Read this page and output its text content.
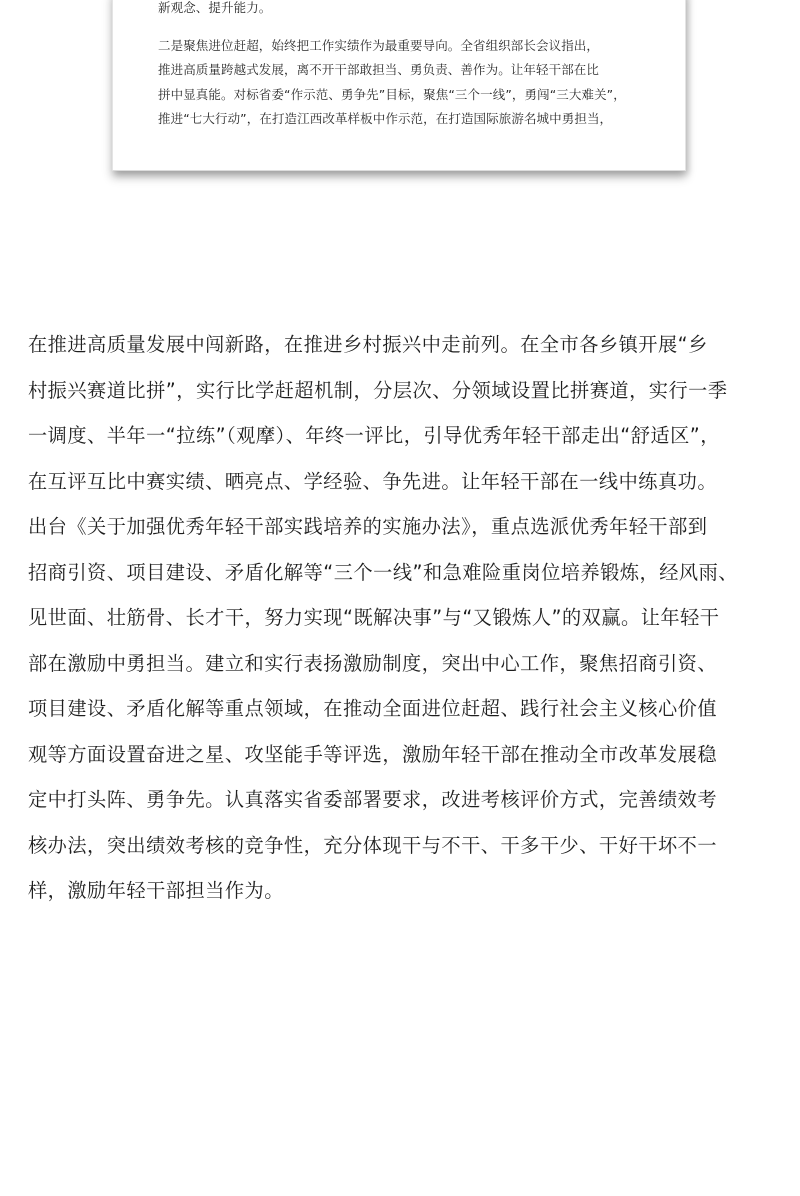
新观念、提升能力。
二是聚焦进位赶超，始终把工作实绩作为最重要导向。全省组织部长会议指出，
推进高质量跨越式发展，离不开干部敢担当、勇负责、善作为。让年轻干部在比
拼中显真能。对标省委“作示范、勇争先”目标，聚焦“三个一线”，勇闯“三大难关”，
推进“七大行动”，在打造江西改革样板中作示范，在打造国际旅游名城中勇担当，
在推进高质量发展中闯新路，在推进乡村振兴中走前列。在全市各乡镇开展“乡
村振兴赛道比拼”，实行比学赶超机制，分层次、分领域设置比拼赛道，实行一季
一调度、半年一“拉练”（观摩）、年终一评比，引导优秀年轻干部走出“舒适区”，
在互评互比中赛实绩、晒亮点、学经验、争先进。让年轻干部在一线中练真功。
出台《关于加强优秀年轻干部实践培养的实施办法》，重点选派优秀年轻干部到
招商引资、项目建设、矛盾化解等“三个一线”和急难险重岗位培养锻炼，经风雨、
见世面、壮筋骨、长才干，努力实现“既解决事”与“又锻炼人”的双赢。让年轻干
部在激励中勇担当。建立和实行表扬激励制度，突出中心工作，聚焦招商引资、
项目建设、矛盾化解等重点领域，在推动全面进位赶超、践行社会主义核心价值
观等方面设置奋进之星、攻坚能手等评选，激励年轻干部在推动全市改革发展稳
定中打头阵、勇争先。认真落实省委部署要求，改进考核评价方式，完善绩效考
核办法，突出绩效考核的竞争性，充分体现干与不干、干多干少、干好干坏不一
样，激励年轻干部担当作为。
